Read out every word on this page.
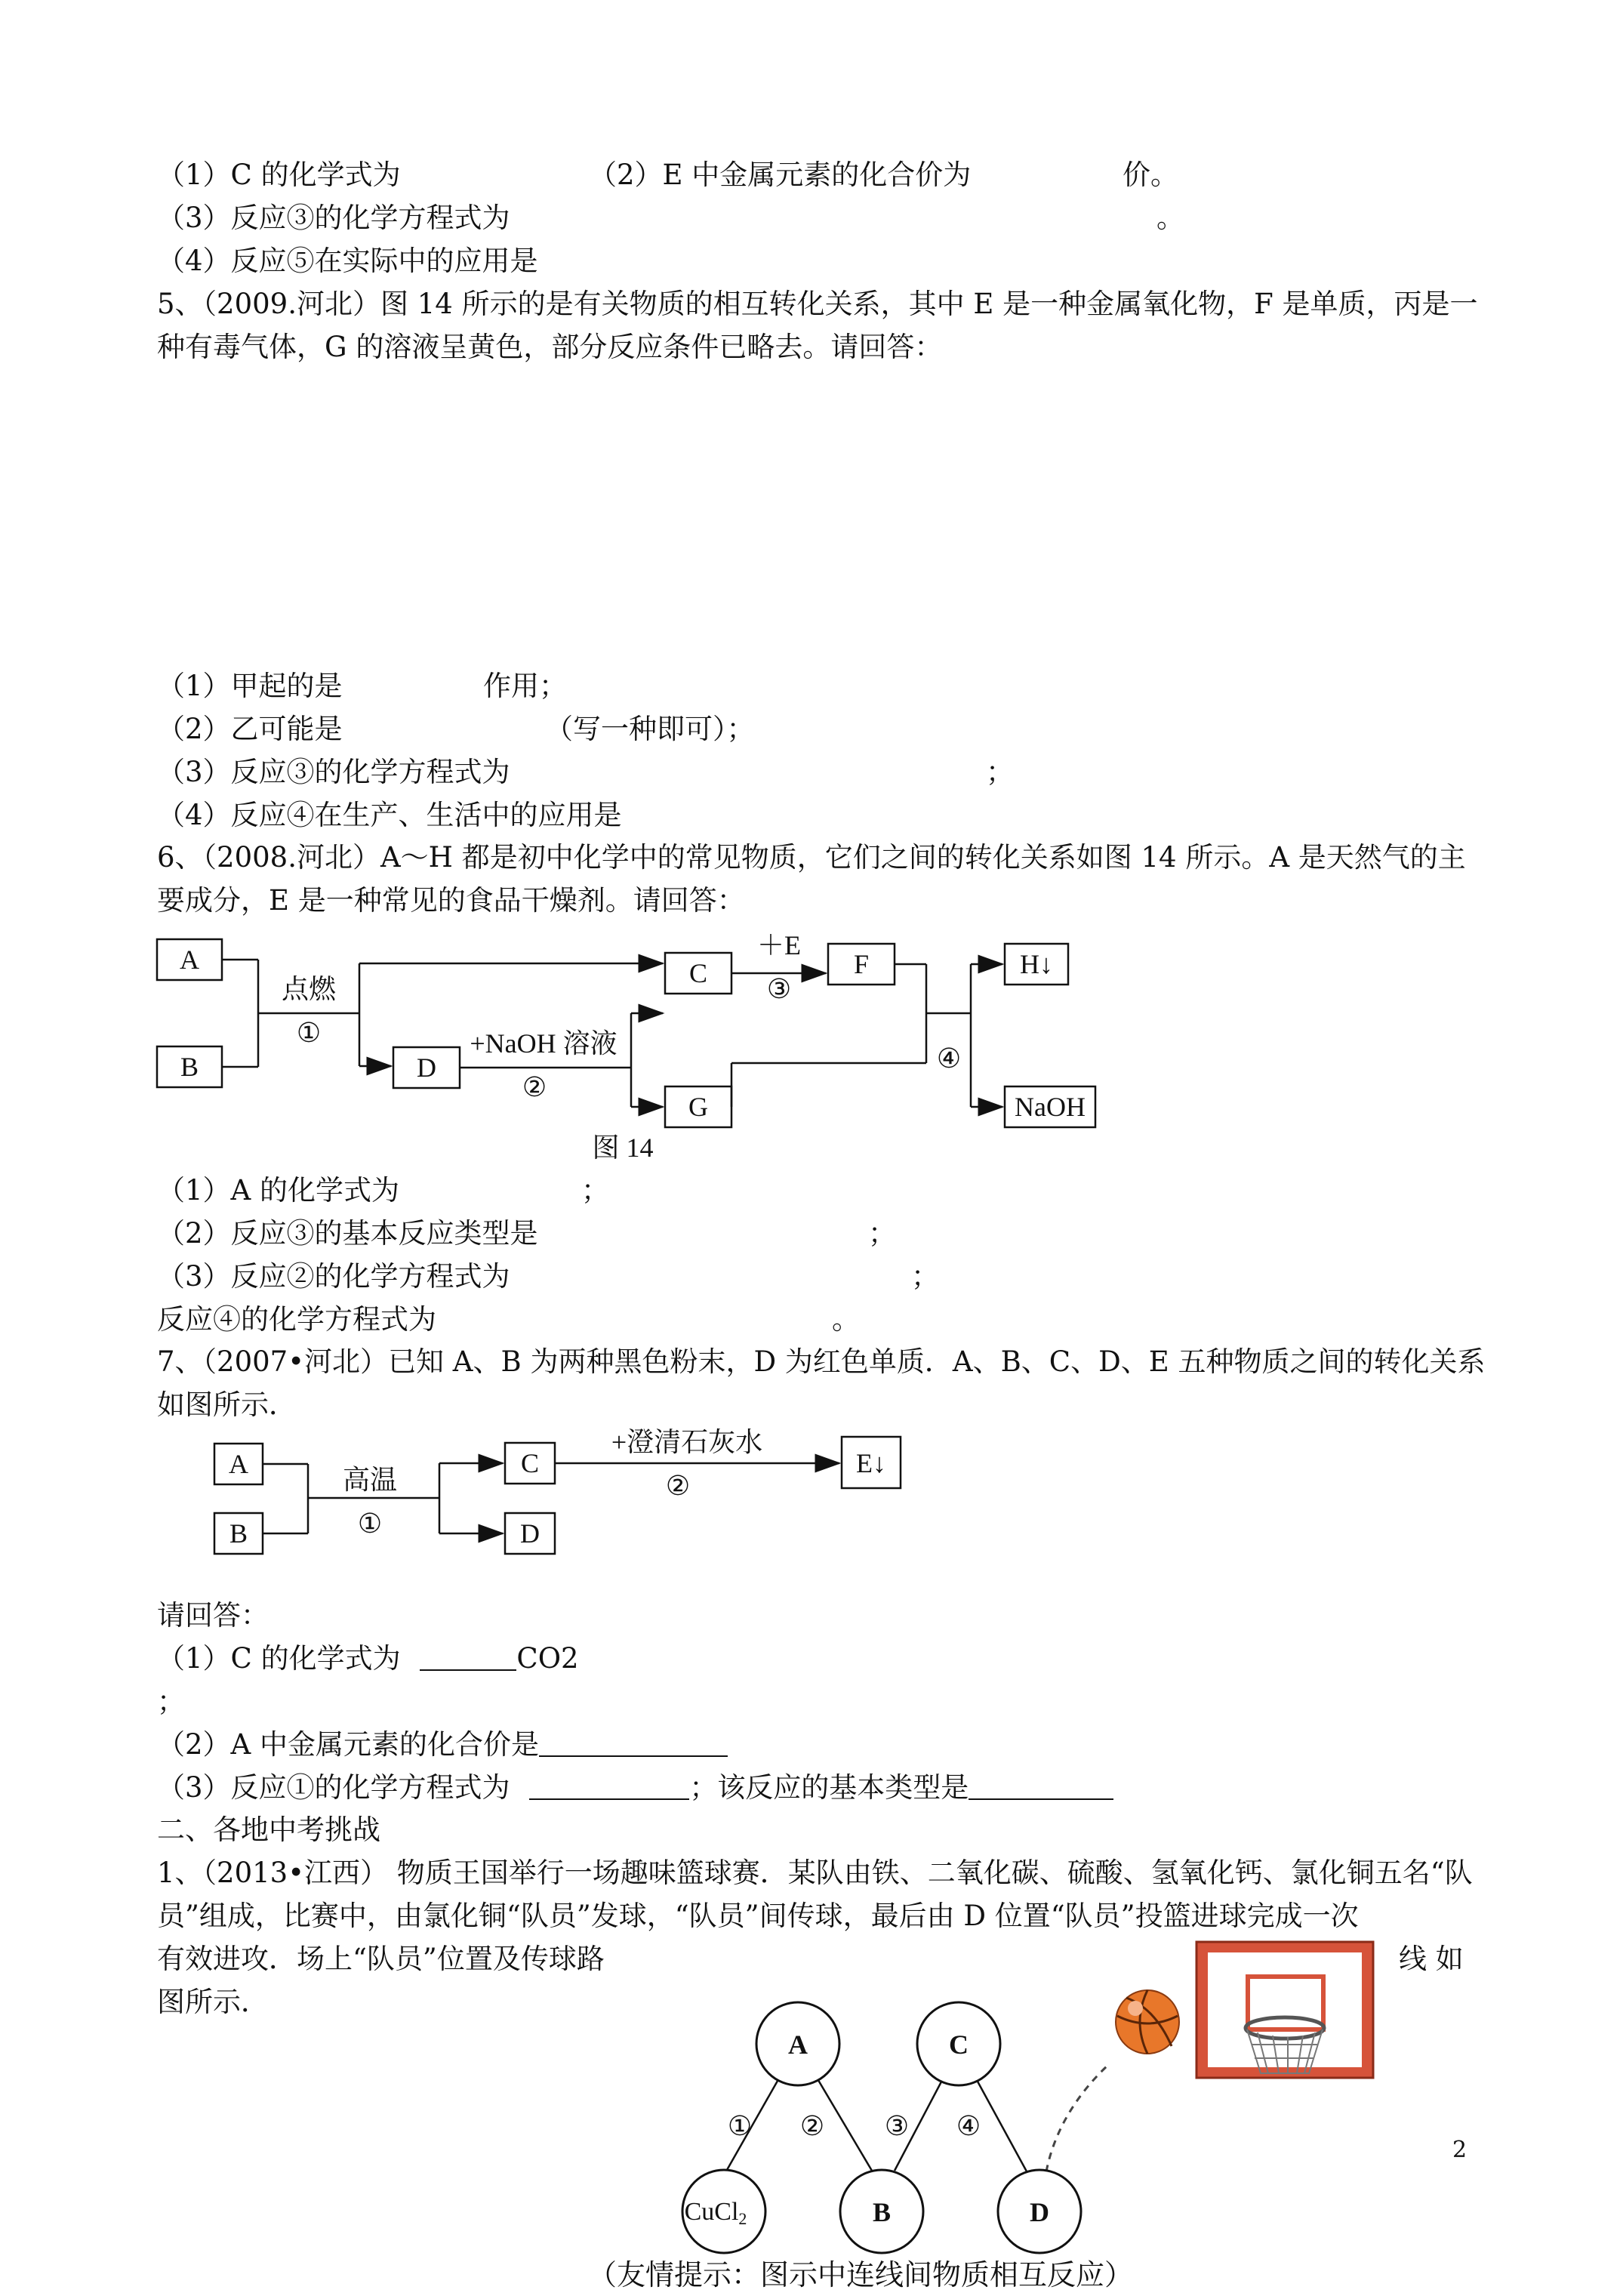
（1）C 的化学式为	（2）E 中金属元素的化合价为	价。
（3）反应③的化学方程式为	。
（4）反应⑤在实际中的应用是
5、（2009.河北）图 14 所示的是有关物质的相互转化关系，其中 E 是一种金属氧化物，F 是单质，丙是一
种有毒气体，G 的溶液呈黄色，部分反应条件已略去。请回答：
（1）甲起的是	作用；
（2）乙可能是	（写一种即可）；
（3）反应③的化学方程式为	；
（4）反应④在生产、生活中的应用是
6、（2008.河北）A～H 都是初中化学中的常见物质，它们之间的转化关系如图 14 所示。A 是天然气的主
要成分，E 是一种常见的食品干燥剂。请回答：
A
B	D
C
G
F	H↓
NaOH
点燃
①	+NaOH 溶液
②
＋E
③
④
图 14
（1）A 的化学式为	；
（2）反应③的基本反应类型是	；
（3）反应②的化学方程式为	；
反应④的化学方程式为	。
7、（2007•河北）已知 A、B 为两种黑色粉末，D 为红色单质．A、B、C、D、E 五种物质之间的转化关系
如图所示．
A
B
C
D
E↓
高温
①
+澄清石灰水
②
请回答：
（1）C 的化学式为	CO2
；
（2）A 中金属元素的化合价是
（3）反应①的化学方程式为	；该反应的基本类型是
二、各地中考挑战
1、（2013•江西） 物质王国举行一场趣味篮球赛．某队由铁、二氧化碳、硫酸、氢氧化钙、氯化铜五名“队
员”组成，比赛中，由氯化铜“队员”发球，“队员”间传球，最后由 D 位置“队员”投篮进球完成一次
有效进攻．场上“队员”位置及传球路	线 如
图所示．
A	C
B	D
CuCl2
① ② ③ ④
（友情提示：图示中连线间物质相互反应）
2
